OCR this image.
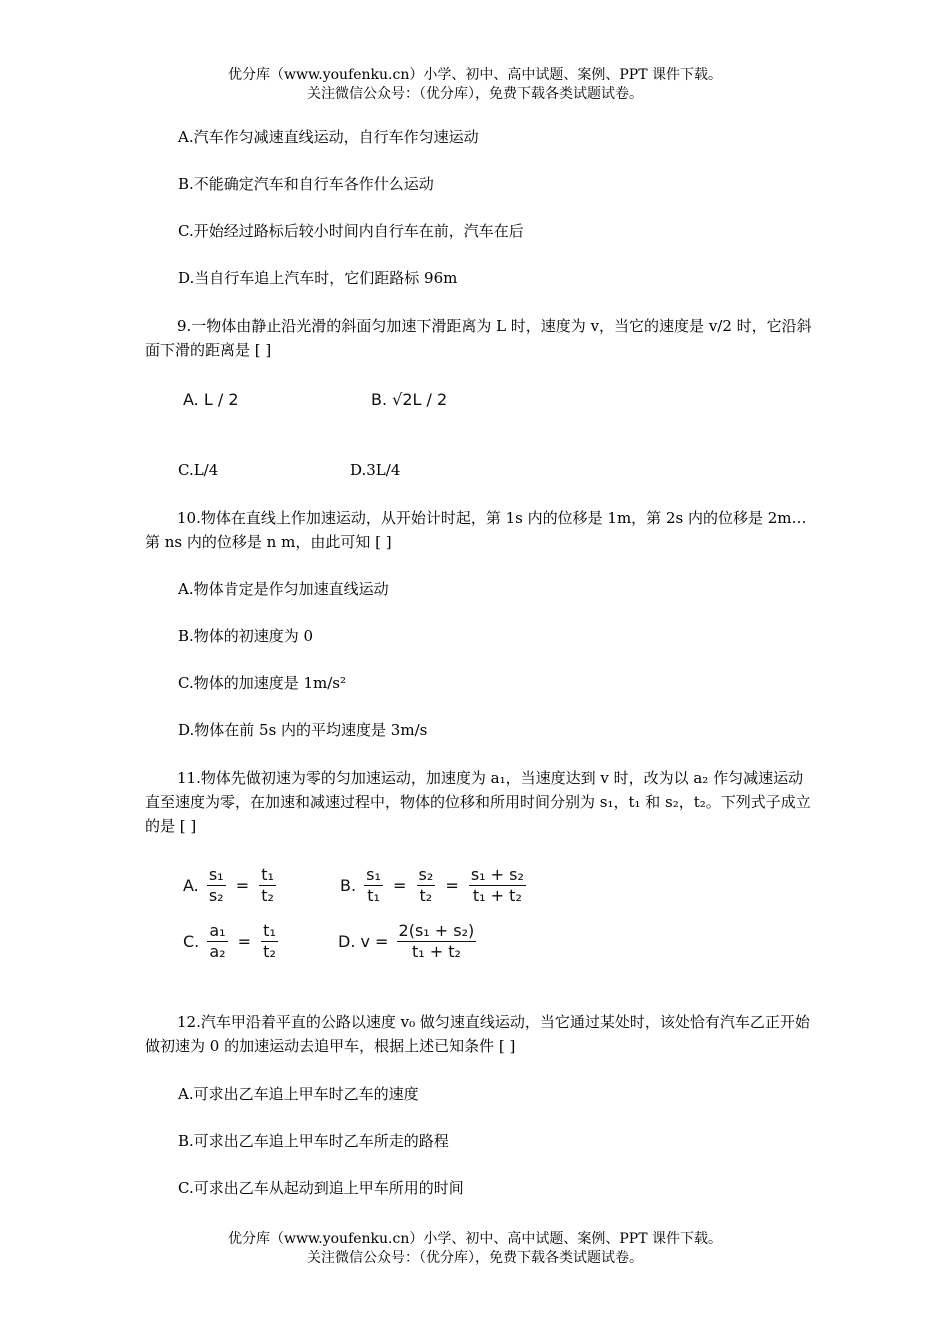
优分库（www.youfenku.cn）小学、初中、高中试题、案例、PPT 课件下载。
关注微信公众号：（优分库），免费下载各类试题试卷。
A.汽车作匀减速直线运动，自行车作匀速运动
B.不能确定汽车和自行车各作什么运动
C.开始经过路标后较小时间内自行车在前，汽车在后
D.当自行车追上汽车时，它们距路标 96m
9.一物体由静止沿光滑的斜面匀加速下滑距离为 L 时，速度为 v，当它的速度是 v/2 时，它沿斜面下滑的距离是 [ ]
A. L / 2	B. √2L / 2
C.L/4	D.3L/4
10.物体在直线上作加速运动，从开始计时起，第 1s 内的位移是 1m，第 2s 内的位移是 2m…第 ns 内的位移是 n m，由此可知 [ ]
A.物体肯定是作匀加速直线运动
B.物体的初速度为 0
C.物体的加速度是 1m/s²
D.物体在前 5s 内的平均速度是 3m/s
11.物体先做初速为零的匀加速运动，加速度为 a₁，当速度达到 v 时，改为以 a₂ 作匀减速运动直至速度为零，在加速和减速过程中，物体的位移和所用时间分别为 s₁，t₁ 和 s₂，t₂。下列式子成立的是 [ ]
A. $\frac{\text{s₁}}{\text{s₂}} = \frac{\text{t₁}}{\text{t₂}}$	B. $\frac{\text{s₁}}{\text{t₁}} = \frac{\text{s₂}}{\text{t₂}} = \frac{\text{s₁ + s₂}}{\text{t₁ + t₂}}$
C. $\frac{\text{a₁}}{\text{a₂}} = \frac{\text{t₁}}{\text{t₂}}$	D. $v = \frac{\text{2(s₁ + s₂)}}{\text{t₁ + t₂}}$
12.汽车甲沿着平直的公路以速度 v₀ 做匀速直线运动，当它通过某处时，该处恰有汽车乙正开始做初速为 0 的加速运动去追甲车，根据上述已知条件 [ ]
A.可求出乙车追上甲车时乙车的速度
B.可求出乙车追上甲车时乙车所走的路程
C.可求出乙车从起动到追上甲车所用的时间
优分库（www.youfenku.cn）小学、初中、高中试题、案例、PPT 课件下载。
关注微信公众号：（优分库），免费下载各类试题试卷。
